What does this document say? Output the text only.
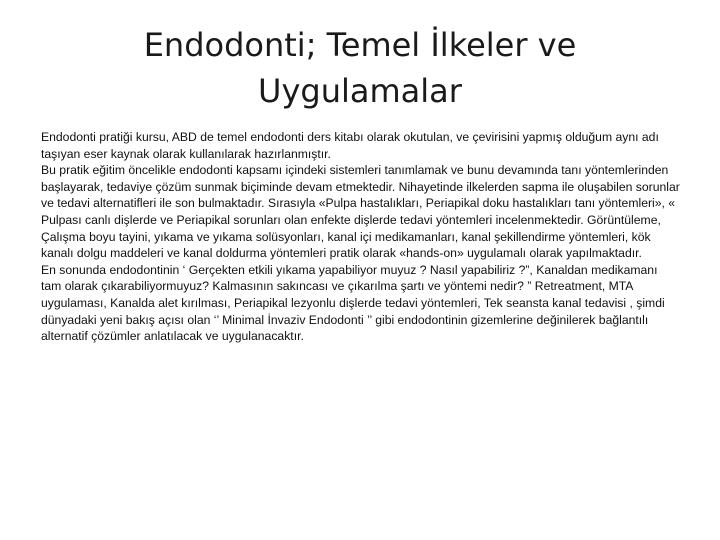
Endodonti; Temel İlkeler ve
Uygulamalar

Endodonti pratiği kursu, ABD de temel endodonti ders kitabı olarak okutulan, ve çevirisini yapmış olduğum aynı adı taşıyan eser kaynak olarak kullanılarak hazırlanmıştır.

Bu pratik eğitim öncelikle endodonti kapsamı içindeki sistemleri tanımlamak ve bunu devamında tanı yöntemlerinden başlayarak, tedaviye çözüm sunmak biçiminde devam etmektedir. Nihayetinde ilkelerden sapma ile oluşabilen sorunlar ve tedavi alternatifleri ile son bulmaktadır. Sırasıyla «Pulpa hastalıkları, Periapikal doku hastalıkları tanı yöntemleri», « Pulpası canlı dişlerde ve Periapikal sorunları olan enfekte dişlerde tedavi yöntemleri incelenmektedir. Görüntüleme, Çalışma boyu tayini, yıkama ve yıkama solüsyonları, kanal içi medikamanları, kanal şekillendirme yöntemleri, kök kanalı dolgu maddeleri ve kanal doldurma yöntemleri pratik olarak «hands-on» uygulamalı olarak yapılmaktadır.

En sonunda endodontinin ‘ Gerçekten etkili yıkama yapabiliyor muyuz ? Nasıl yapabiliriz ?”, Kanaldan medikamanı tam olarak çıkarabiliyormuyuz? Kalmasının sakıncası ve çıkarılma şartı ve yöntemi nedir? ” Retreatment, MTA uygulaması, Kanalda alet kırılması, Periapikal lezyonlu dişlerde tedavi yöntemleri, Tek seansta kanal tedavisi , şimdi dünyadaki yeni bakış açısı olan ‘’ Minimal İnvaziv Endodonti ’’ gibi endodontinin gizemlerine değinilerek bağlantılı alternatif çözümler anlatılacak ve uygulanacaktır.
